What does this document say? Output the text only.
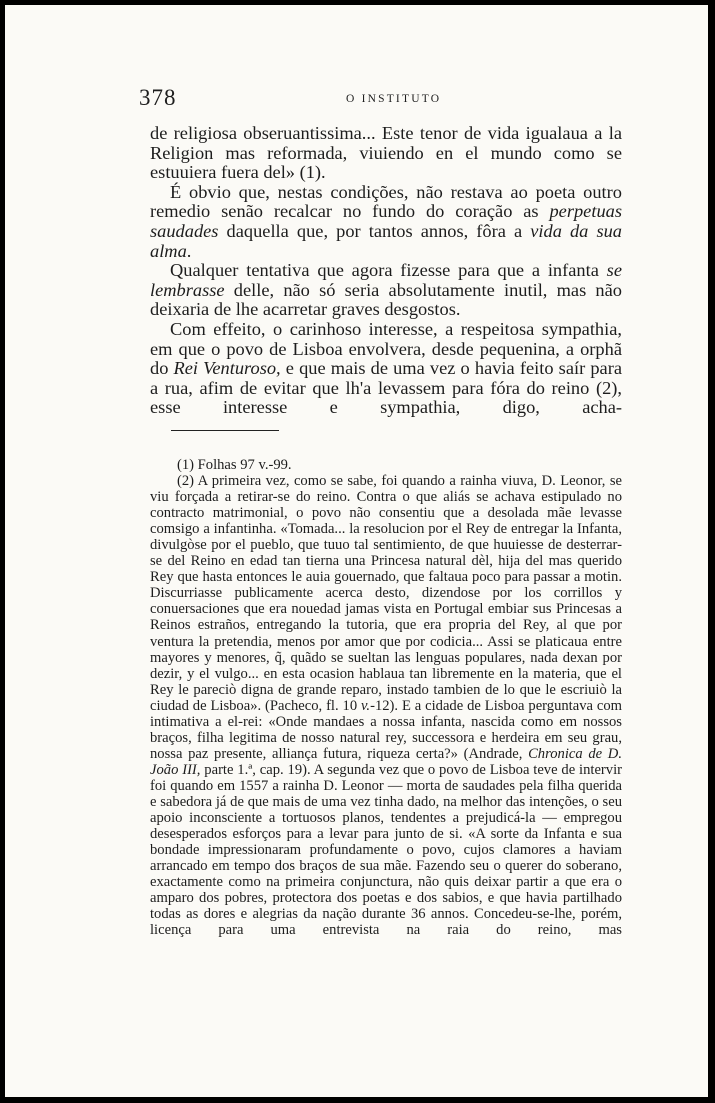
378	O INSTITUTO

de religiosa obseruantissima... Este tenor de vida igualaua a la Religion mas reformada, viuiendo en el mundo como se estuuiera fuera del» (1).

É obvio que, nestas condições, não restava ao poeta outro remedio senão recalcar no fundo do coração as perpetuas saudades daquella que, por tantos annos, fôra a vida da sua alma.

Qualquer tentativa que agora fizesse para que a infanta se lembrasse delle, não só seria absolutamente inutil, mas não deixaria de lhe acarretar graves desgostos.

Com effeito, o carinhoso interesse, a respeitosa sympathia, em que o povo de Lisboa envolvera, desde pequenina, a orphã do Rei Venturoso, e que mais de uma vez o havia feito saír para a rua, afim de evitar que lh'a levassem para fóra do reino (2), esse interesse e sympathia, digo, acha-

(1) Folhas 97 v.-99.

(2) A primeira vez, como se sabe, foi quando a rainha viuva, D. Leonor, se viu forçada a retirar-se do reino. Contra o que aliás se achava estipulado no contracto matrimonial, o povo não consentiu que a desolada mãe levasse comsigo a infantinha. «Tomada... la resolucion por el Rey de entregar la Infanta, divulgòse por el pueblo, que tuuo tal sentimiento, de que huuiesse de desterrar-se del Reino en edad tan tierna una Princesa natural dèl, hija del mas querido Rey que hasta entonces le auia gouernado, que faltaua poco para passar a motin. Discurriasse publicamente acerca desto, dizendose por los corrillos y conuersaciones que era nouedad jamas vista en Portugal embiar sus Princesas a Reinos estraños, entregando la tutoria, que era propria del Rey, al que por ventura la pretendia, menos por amor que por codicia... Assi se platicaua entre mayores y menores, q̃, quãdo se sueltan las lenguas populares, nada dexan por dezir, y el vulgo... en esta ocasion hablaua tan libremente en la materia, que el Rey le pareciò digna de grande reparo, instado tambien de lo que le escriuiò la ciudad de Lisboa». (Pacheco, fl. 10 v.-12). E a cidade de Lisboa perguntava com intimativa a el-rei: «Onde mandaes a nossa infanta, nascida como em nossos braços, filha legitima de nosso natural rey, successora e herdeira em seu grau, nossa paz presente, alliança futura, riqueza certa?» (Andrade, Chronica de D. João III, parte 1.ª, cap. 19). A segunda vez que o povo de Lisboa teve de intervir foi quando em 1557 a rainha D. Leonor — morta de saudades pela filha querida e sabedora já de que mais de uma vez tinha dado, na melhor das intenções, o seu apoio inconsciente a tortuosos planos, tendentes a prejudicá-la — empregou desesperados esforços para a levar para junto de si. «A sorte da Infanta e sua bondade impressionaram profundamente o povo, cujos clamores a haviam arrancado em tempo dos braços de sua mãe. Fazendo seu o querer do soberano, exactamente como na primeira conjunctura, não quis deixar partir a que era o amparo dos pobres, protectora dos poetas e dos sabios, e que havia partilhado todas as dores e alegrias da nação durante 36 annos. Concedeu-se-lhe, porém, licença para uma entrevista na raia do reino, mas
